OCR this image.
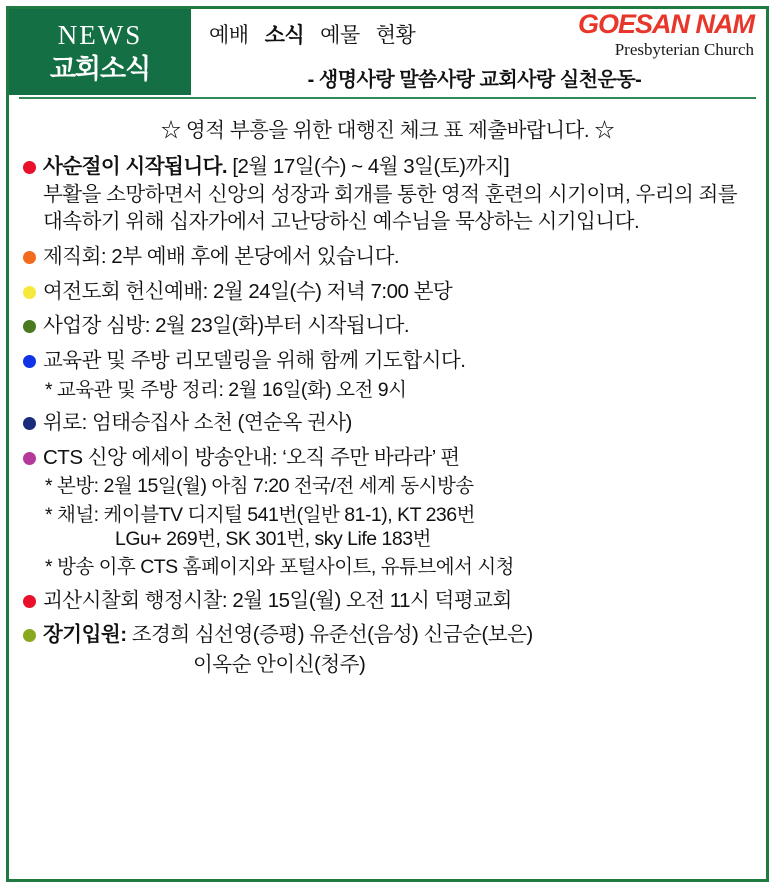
NEWS
교회소식
예배 소식 예물 현황	GOESAN NAM
Presbyterian Church
- 생명사랑 말씀사랑 교회사랑 실천운동-
☆ 영적 부흥을 위한 대행진 체크 표 제출바랍니다. ☆
사순절이 시작됩니다. [2월 17일(수) ~ 4월 3일(토)까지]
부활을 소망하면서 신앙의 성장과 회개를 통한 영적 훈련의 시기이며, 우리의 죄를 대속하기 위해 십자가에서 고난당하신 예수님을 묵상하는 시기입니다.
제직회: 2부 예배 후에 본당에서 있습니다.
여전도회 헌신예배: 2월 24일(수) 저녁 7:00 본당
사업장 심방: 2월 23일(화)부터 시작됩니다.
교육관 및 주방 리모델링을 위해 함께 기도합시다.
* 교육관 및 주방 정리: 2월 16일(화) 오전 9시
위로: 엄태승집사 소천 (연순옥 권사)
CTS 신앙 에세이 방송안내: ‘오직 주만 바라라’ 편
* 본방: 2월 15일(월) 아침 7:20 전국/전 세계 동시방송
* 채널: 케이블TV 디지털 541번(일반 81-1), KT 236번
LGu+ 269번, SK 301번, sky Life 183번
* 방송 이후 CTS 홈페이지와 포털사이트, 유튜브에서 시청
괴산시찰회 행정시찰: 2월 15일(월) 오전 11시 덕평교회
장기입원: 조경희 심선영(증평) 유준선(음성) 신금순(보은)
이옥순 안이신(청주)
